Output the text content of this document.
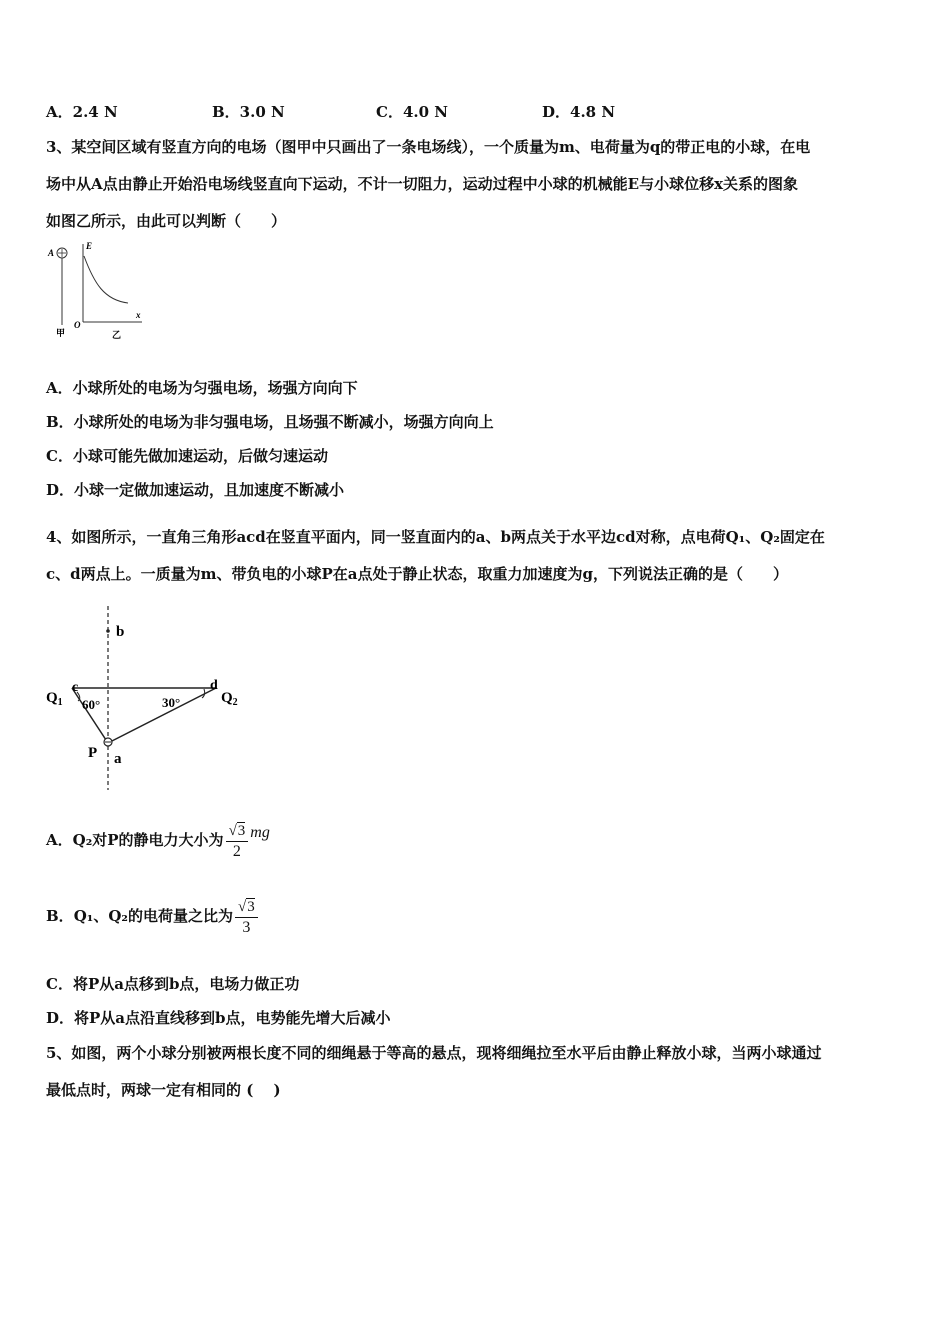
A．2.4 N	B．3.0 N	C．4.0 N	D．4.8 N
3、某空间区域有竖直方向的电场（图甲中只画出了一条电场线），一个质量为m、电荷量为q的带正电的小球，在电
场中从A点由静止开始沿电场线竖直向下运动，不计一切阻力，运动过程中小球的机械能E与小球位移x关系的图象
如图乙所示，由此可以判断（　　）
A
甲
E
O
x
乙
A．小球所处的电场为匀强电场，场强方向向下
B．小球所处的电场为非匀强电场，且场强不断减小，场强方向向上
C．小球可能先做加速运动，后做匀速运动
D．小球一定做加速运动，且加速度不断减小
4、如图所示，一直角三角形acd在竖直平面内，同一竖直面内的a、b两点关于水平边cd对称，点电荷Q₁、Q₂固定在
c、d两点上。一质量为m、带负电的小球P在a点处于静止状态，取重力加速度为g，下列说法正确的是（　　）
b
$Q_1$
c	d
$Q_2$
60°	30°
P a
A．Q₂对P的静电力大小为 $\frac{√3}{2}$ mg
B．Q₁、Q₂的电荷量之比为 $\frac{√3}{3}$
C．将P从a点移到b点，电场力做正功
D．将P从a点沿直线移到b点，电势能先增大后减小
5、如图，两个小球分别被两根长度不同的细绳悬于等高的悬点，现将细绳拉至水平后由静止释放小球，当两小球通过
最低点时，两球一定有相同的 (　 )
